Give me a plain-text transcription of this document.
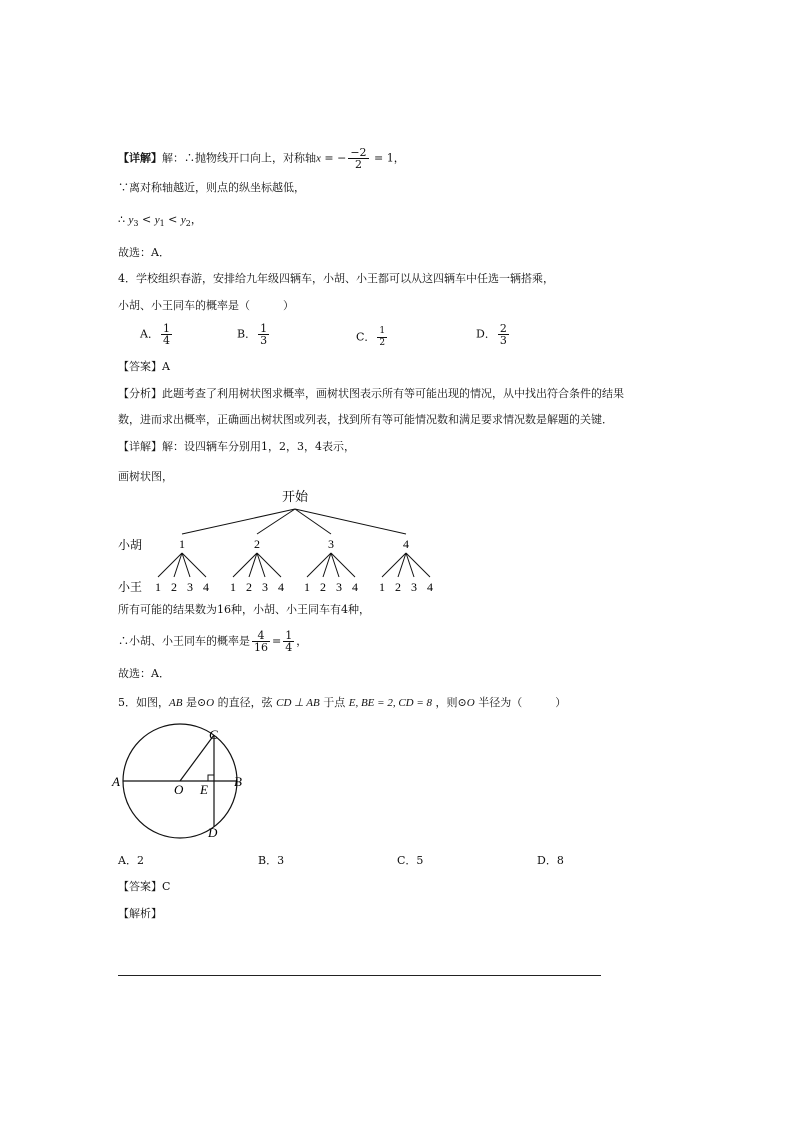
【详解】解：∴抛物线开口向上，对称轴x = − $\frac{-2}{2} = 1$，
∵离对称轴越近，则点的纵坐标越低，
∴ $y_3 < y_1 < y_2$，
故选：A．
4．学校组织春游，安排给九年级四辆车，小胡、小王都可以从这四辆车中任选一辆搭乘，
小胡、小王同车的概率是（　　　）
A． $\frac{1}{4}$	B． $\frac{1}{3}$	C． $\frac{1}{2}$	D． $\frac{2}{3}$
【答案】A
【分析】此题考查了利用树状图求概率，画树状图表示所有等可能出现的情况，从中找出符合条件的结果
数，进而求出概率，正确画出树状图或列表，找到所有等可能情况数和满足要求情况数是解题的关键．
【详解】解：设四辆车分别用1，2，3，4表示，
画树状图，
开始
小胡	1	2	3	4
小王 1 2 3 4 1 2 3 4 1 2 3 4 1 2 3 4
所有可能的结果数为16种，小胡、小王同车有4种，
∴小胡、小王同车的概率是 $\frac{4}{16} = \frac{1}{4}$ ，
故选：A．
5．如图，AB 是⊙O 的直径，弦 CD ⊥ AB 于点 E, BE = 2, CD = 8 ，则⊙O 半径为（　　　）
A	B
C
D
O E
A．2	B．3	C．5	D．8
【答案】C
【解析】
